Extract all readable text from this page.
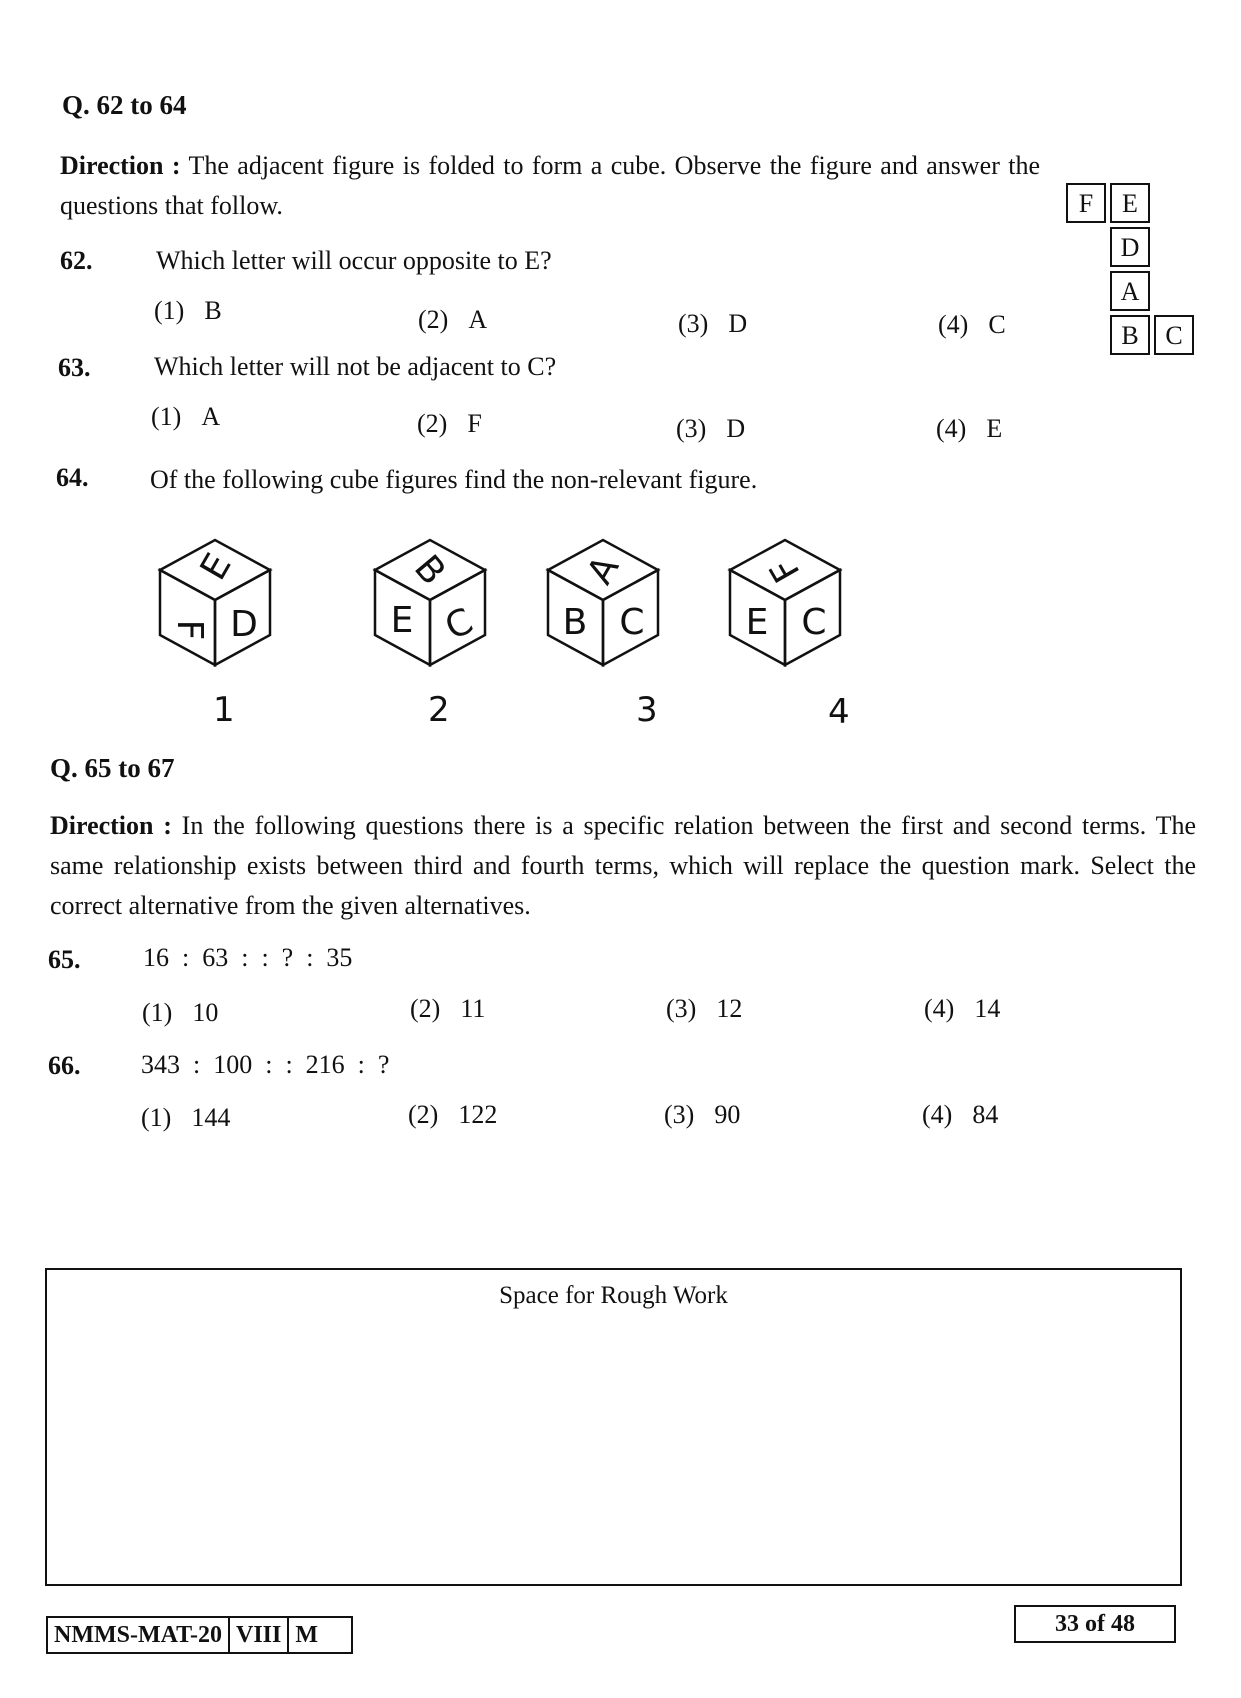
Q. 62 to 64
Direction : The adjacent figure is folded to form a cube. Observe the figure and answer the questions that follow.	F	E
D
A
B	C
62. Which letter will occur opposite to E?
(1) B	(2) A	(3) D	(4) C
63. Which letter will not be adjacent to C?
(1) A	(2) F	(3) D	(4) E
64. Of the following cube figures find the non-relevant figure.
E
F D
B
E C
A
B C
F
E C
1	2	3	4
Q. 65 to 67
Direction : In the following questions there is a specific relation between the first and second terms. The same relationship exists between third and fourth terms, which will replace the question mark. Select the correct alternative from the given alternatives.
65. 16  :  63  :  :  ?  :  35
(1) 10	(2) 11	(3) 12	(4) 14
66. 343  :  100  :  :  216  :  ?
(1) 144	(2) 122	(3) 90	(4) 84
Space for Rough Work
NMMS-MAT-20 VIII M	33 of 48
